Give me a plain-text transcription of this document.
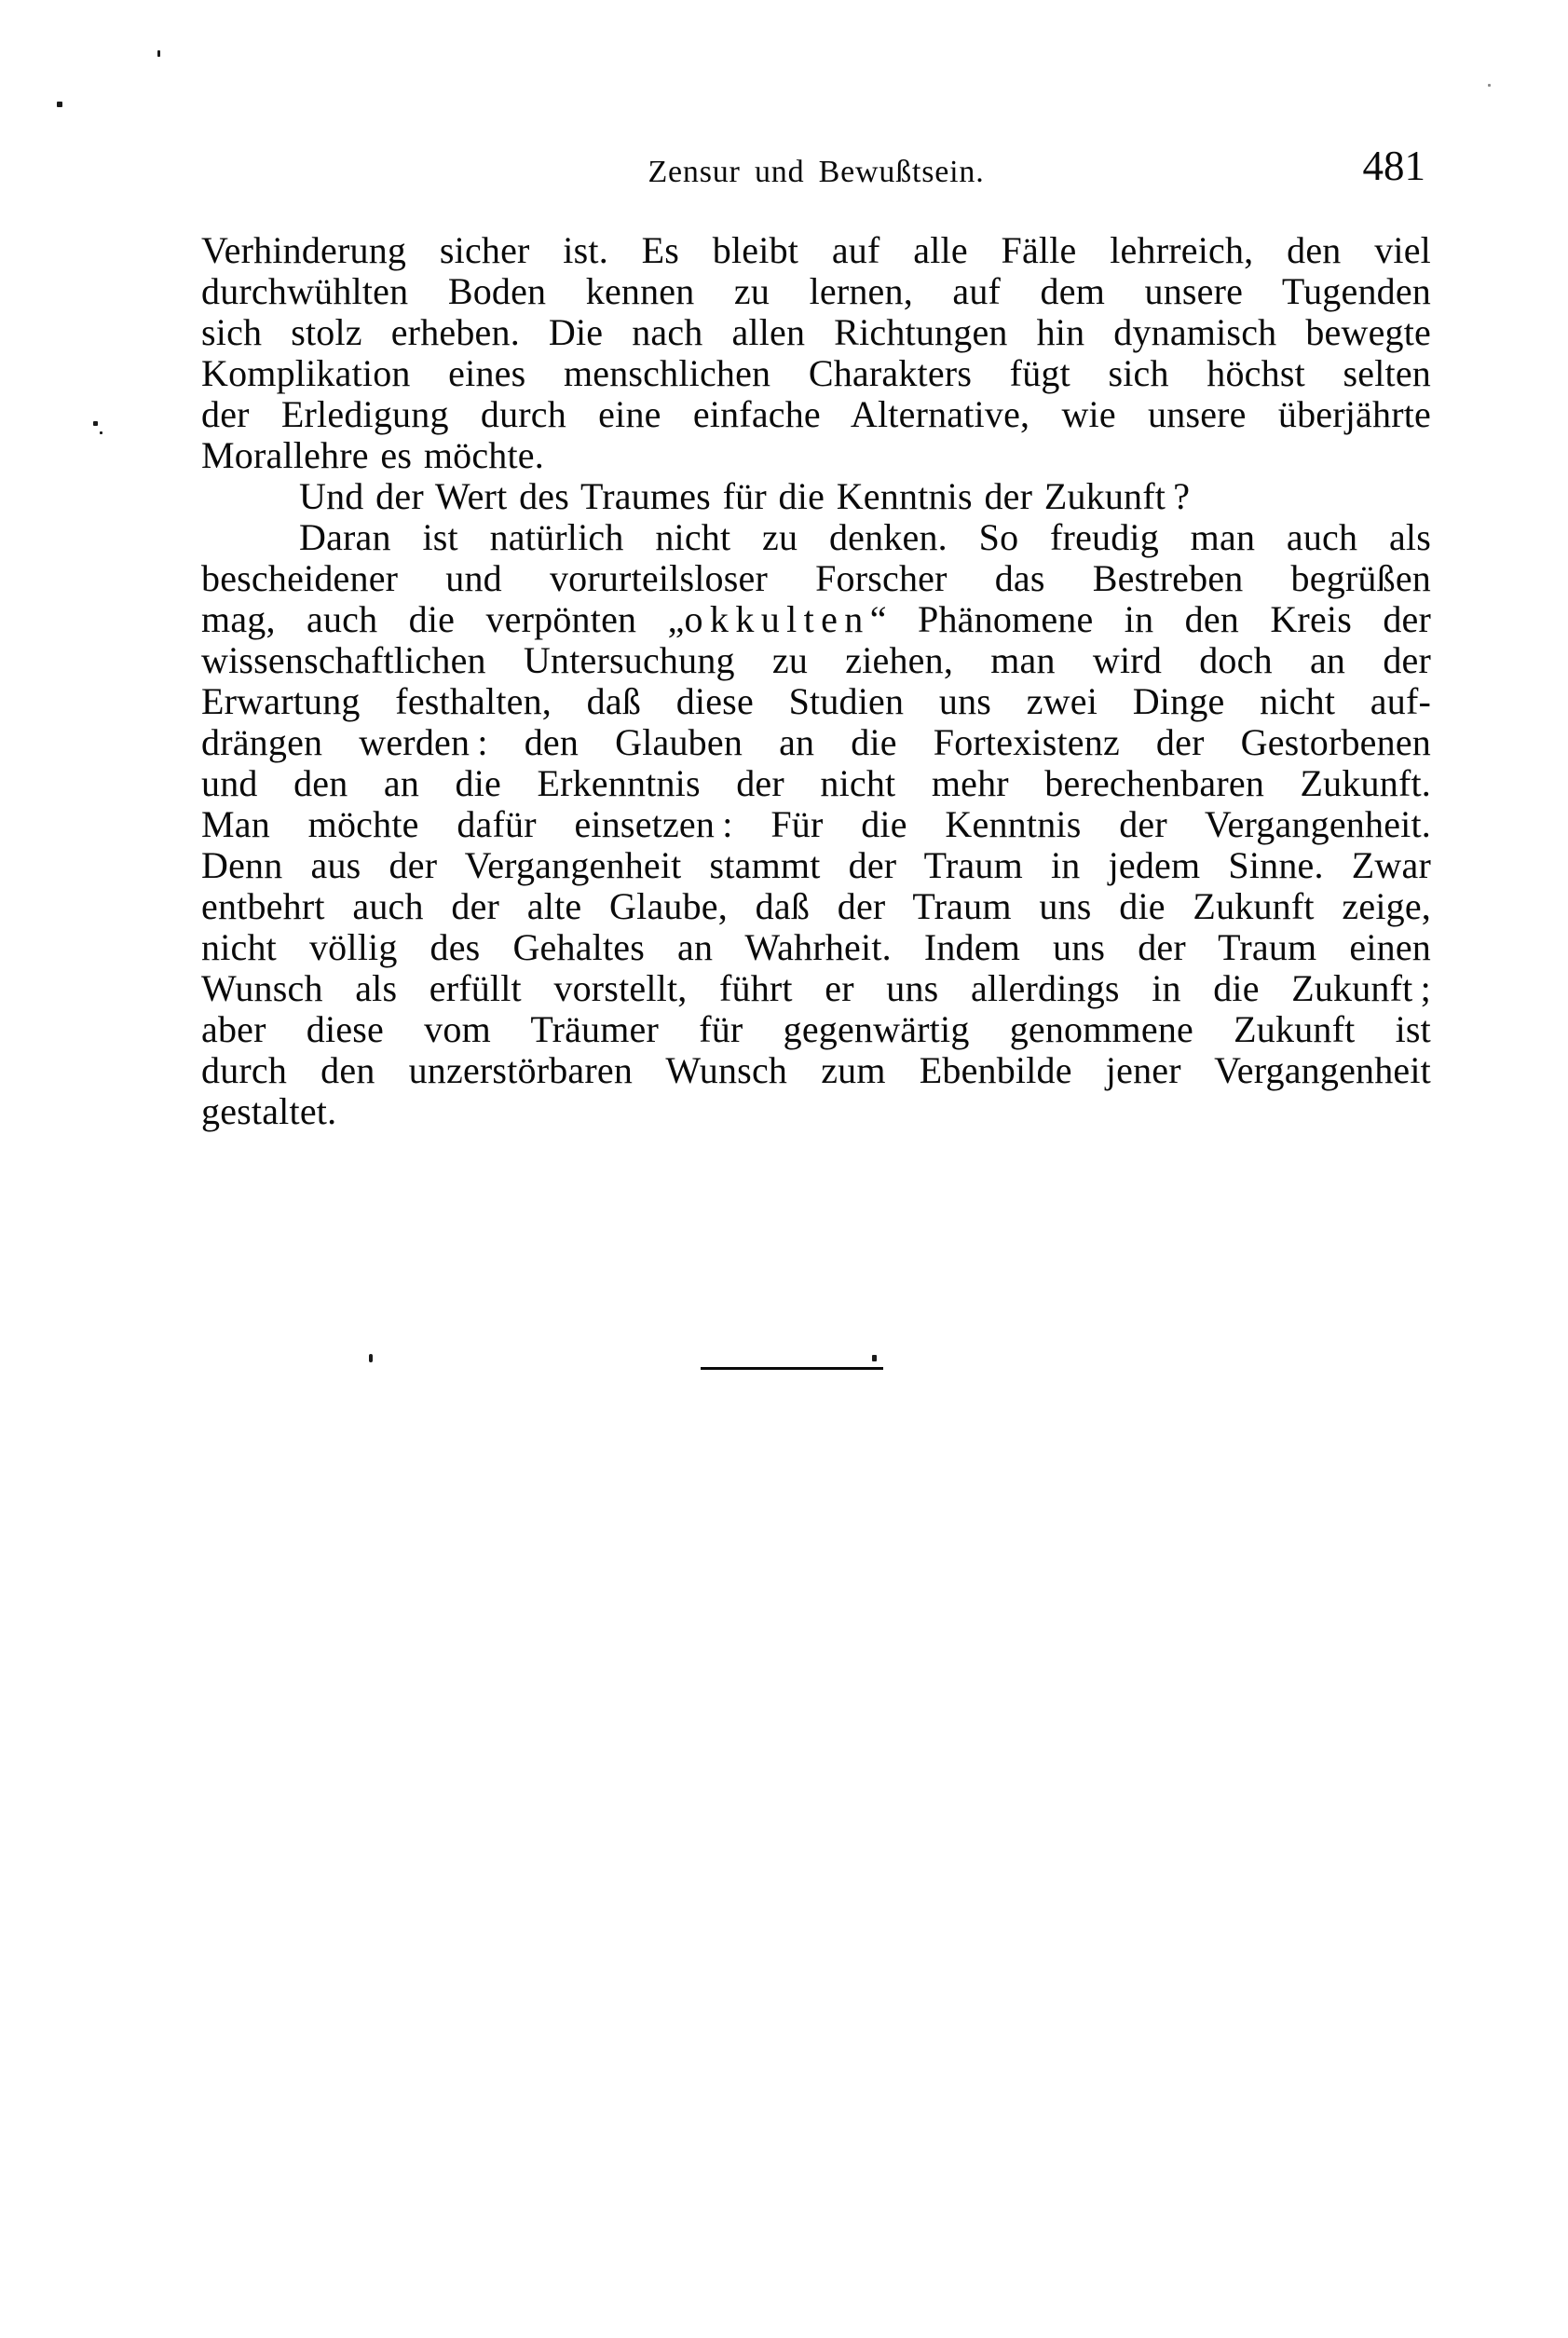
Zensur und Bewußtsein.	481
Verhinderung sicher ist. Es bleibt auf alle Fälle lehrreich, den viel
durchwühlten Boden kennen zu lernen, auf dem unsere Tugenden
sich stolz erheben. Die nach allen Richtungen hin dynamisch bewegte
Komplikation eines menschlichen Charakters fügt sich höchst selten
der Erledigung durch eine einfache Alternative, wie unsere überjährte
Morallehre es möchte.
Und der Wert des Traumes für die Kenntnis der Zukunft ?
Daran ist natürlich nicht zu denken. So freudig man auch als
bescheidener und vorurteilsloser Forscher das Bestreben begrüßen
mag, auch die verpönten „okkulten“ Phänomene in den Kreis der
wissenschaftlichen Untersuchung zu ziehen, man wird doch an der
Erwartung festhalten, daß diese Studien uns zwei Dinge nicht auf-
drängen werden : den Glauben an die Fortexistenz der Gestorbenen
und den an die Erkenntnis der nicht mehr berechenbaren Zukunft.
Man möchte dafür einsetzen : Für die Kenntnis der Vergangenheit.
Denn aus der Vergangenheit stammt der Traum in jedem Sinne. Zwar
entbehrt auch der alte Glaube, daß der Traum uns die Zukunft zeige,
nicht völlig des Gehaltes an Wahrheit. Indem uns der Traum einen
Wunsch als erfüllt vorstellt, führt er uns allerdings in die Zukunft ;
aber diese vom Träumer für gegenwärtig genommene Zukunft ist
durch den unzerstörbaren Wunsch zum Ebenbilde jener Vergangenheit
gestaltet.
